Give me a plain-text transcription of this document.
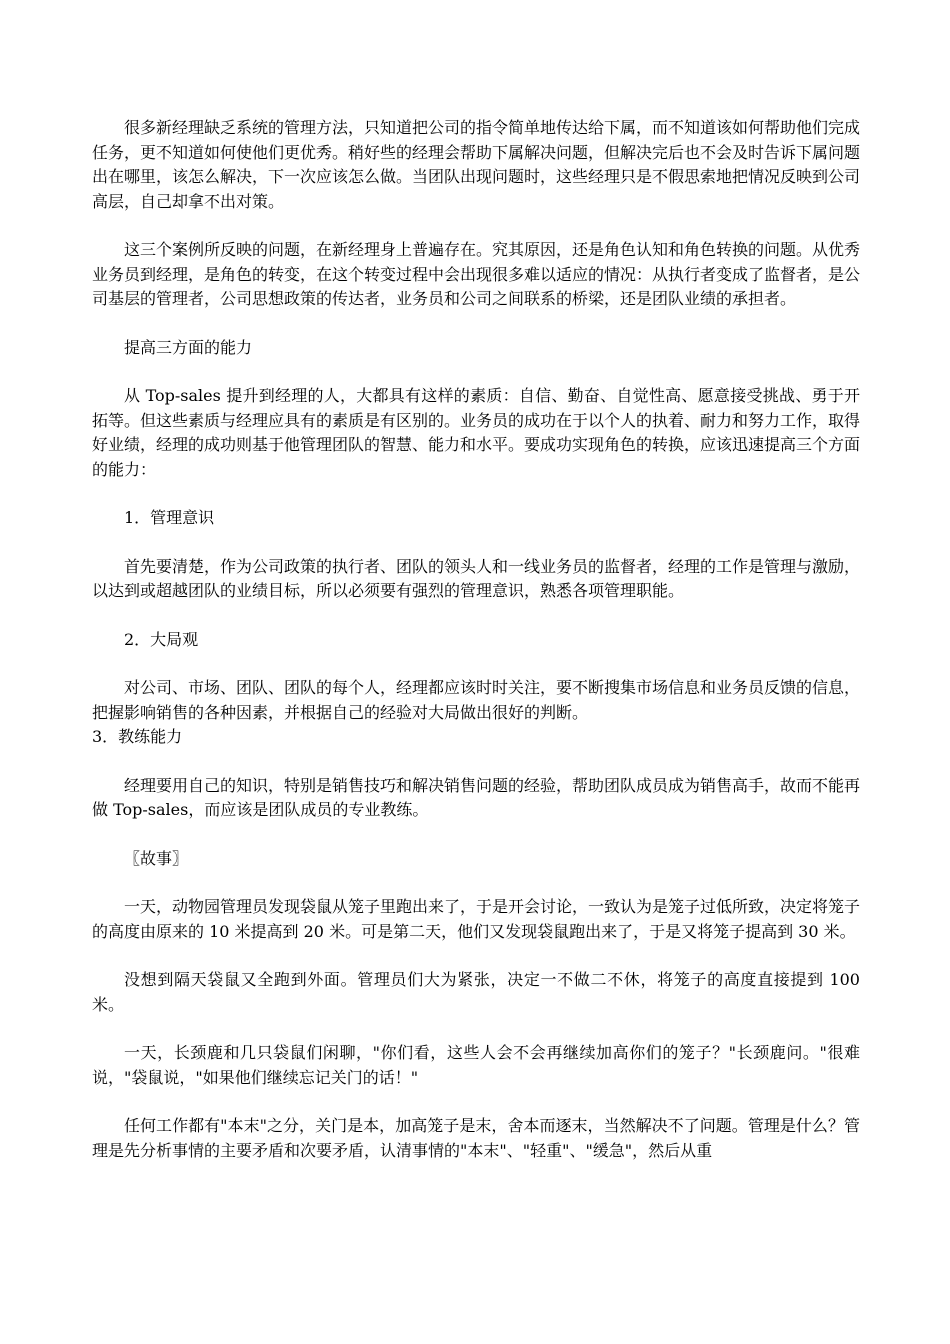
很多新经理缺乏系统的管理方法，只知道把公司的指令简单地传达给下属，而不知道该如何帮助他们完成任务，更不知道如何使他们更优秀。稍好些的经理会帮助下属解决问题，但解决完后也不会及时告诉下属问题出在哪里，该怎么解决，下一次应该怎么做。当团队出现问题时，这些经理只是不假思索地把情况反映到公司高层，自己却拿不出对策。

这三个案例所反映的问题，在新经理身上普遍存在。究其原因，还是角色认知和角色转换的问题。从优秀业务员到经理，是角色的转变，在这个转变过程中会出现很多难以适应的情况：从执行者变成了监督者，是公司基层的管理者，公司思想政策的传达者，业务员和公司之间联系的桥梁，还是团队业绩的承担者。

提高三方面的能力

从 Top-sales 提升到经理的人，大都具有这样的素质：自信、勤奋、自觉性高、愿意接受挑战、勇于开拓等。但这些素质与经理应具有的素质是有区别的。业务员的成功在于以个人的执着、耐力和努力工作，取得好业绩，经理的成功则基于他管理团队的智慧、能力和水平。要成功实现角色的转换，应该迅速提高三个方面的能力：

1．管理意识

首先要清楚，作为公司政策的执行者、团队的领头人和一线业务员的监督者，经理的工作是管理与激励，以达到或超越团队的业绩目标，所以必须要有强烈的管理意识，熟悉各项管理职能。

2．大局观

对公司、市场、团队、团队的每个人，经理都应该时时关注，要不断搜集市场信息和业务员反馈的信息，把握影响销售的各种因素，并根据自己的经验对大局做出很好的判断。

3．教练能力

经理要用自己的知识，特别是销售技巧和解决销售问题的经验，帮助团队成员成为销售高手，故而不能再做 Top-sales，而应该是团队成员的专业教练。

〖故事〗

一天，动物园管理员发现袋鼠从笼子里跑出来了，于是开会讨论，一致认为是笼子过低所致，决定将笼子的高度由原来的 10 米提高到 20 米。可是第二天，他们又发现袋鼠跑出来了，于是又将笼子提高到 30 米。

没想到隔天袋鼠又全跑到外面。管理员们大为紧张，决定一不做二不休，将笼子的高度直接提到 100 米。

一天，长颈鹿和几只袋鼠们闲聊，"你们看，这些人会不会再继续加高你们的笼子？"长颈鹿问。"很难说，"袋鼠说，"如果他们继续忘记关门的话！"

任何工作都有"本末"之分，关门是本，加高笼子是末，舍本而逐末，当然解决不了问题。管理是什么？管理是先分析事情的主要矛盾和次要矛盾，认清事情的"本末"、"轻重"、"缓急"，然后从重
